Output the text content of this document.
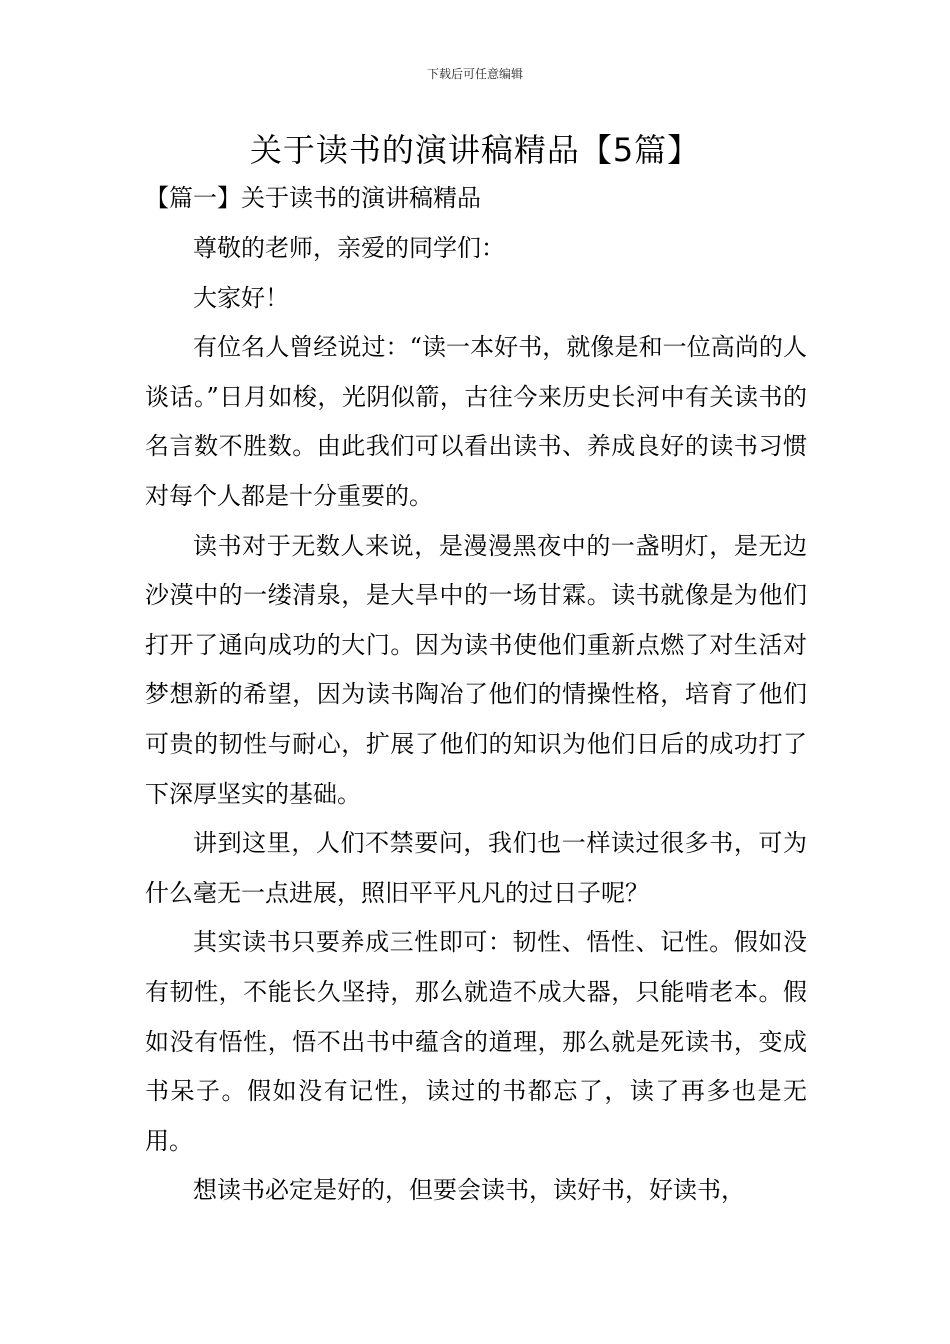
下载后可任意编辑
关于读书的演讲稿精品【5篇】
【篇一】关于读书的演讲稿精品

尊敬的老师，亲爱的同学们：

大家好！

有位名人曾经说过：“读一本好书，就像是和一位高尚的人谈话。”日月如梭，光阴似箭，古往今来历史长河中有关读书的名言数不胜数。由此我们可以看出读书、养成良好的读书习惯对每个人都是十分重要的。

读书对于无数人来说，是漫漫黑夜中的一盏明灯，是无边沙漠中的一缕清泉，是大旱中的一场甘霖。读书就像是为他们打开了通向成功的大门。因为读书使他们重新点燃了对生活对梦想新的希望，因为读书陶冶了他们的情操性格，培育了他们可贵的韧性与耐心，扩展了他们的知识为他们日后的成功打了下深厚坚实的基础。

讲到这里，人们不禁要问，我们也一样读过很多书，可为什么毫无一点进展，照旧平平凡凡的过日子呢？

其实读书只要养成三性即可：韧性、悟性、记性。假如没有韧性，不能长久坚持，那么就造不成大器，只能啃老本。假如没有悟性，悟不出书中蕴含的道理，那么就是死读书，变成书呆子。假如没有记性，读过的书都忘了，读了再多也是无用。

想读书必定是好的，但要会读书，读好书，好读书，
